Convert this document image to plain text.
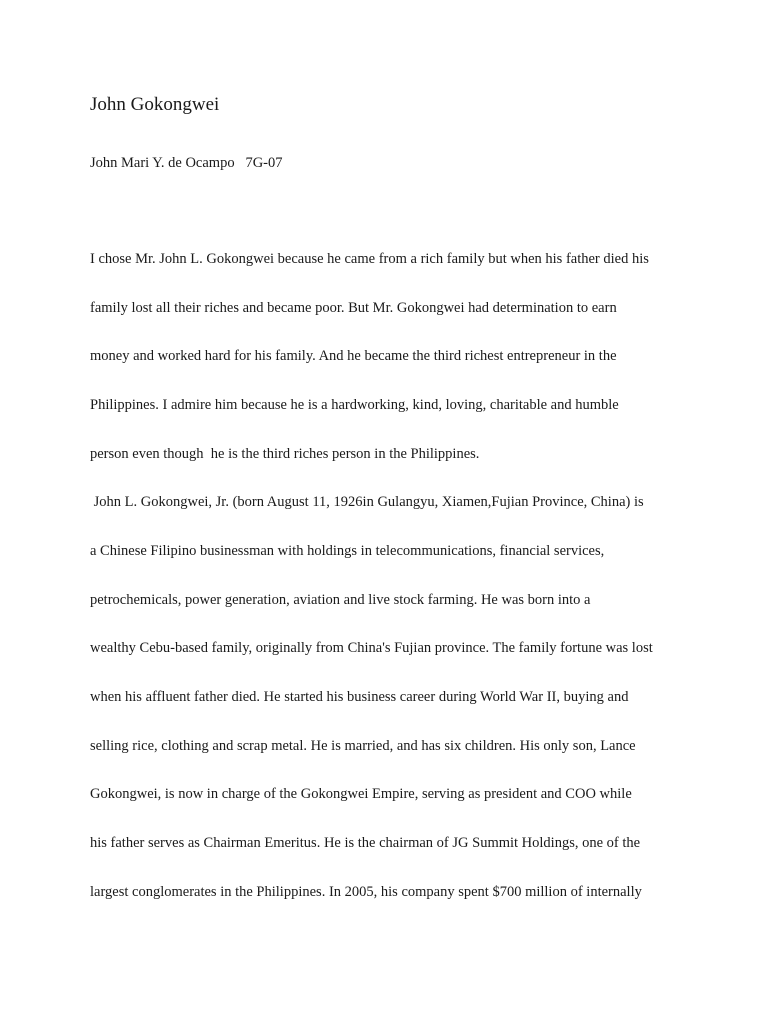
John Gokongwei
John Mari Y. de Ocampo   7G-07
I chose Mr. John L. Gokongwei because he came from a rich family but when his father died his
family lost all their riches and became poor. But Mr. Gokongwei had determination to earn
money and worked hard for his family. And he became the third richest entrepreneur in the
Philippines. I admire him because he is a hardworking, kind, loving, charitable and humble
person even though  he is the third riches person in the Philippines.
John L. Gokongwei, Jr. (born August 11, 1926in Gulangyu, Xiamen,Fujian Province, China) is
a Chinese Filipino businessman with holdings in telecommunications, financial services,
petrochemicals, power generation, aviation and live stock farming. He was born into a
wealthy Cebu-based family, originally from China's Fujian province. The family fortune was lost
when his affluent father died. He started his business career during World War II, buying and
selling rice, clothing and scrap metal. He is married, and has six children. His only son, Lance
Gokongwei, is now in charge of the Gokongwei Empire, serving as president and COO while
his father serves as Chairman Emeritus. He is the chairman of JG Summit Holdings, one of the
largest conglomerates in the Philippines. In 2005, his company spent $700 million of internally
